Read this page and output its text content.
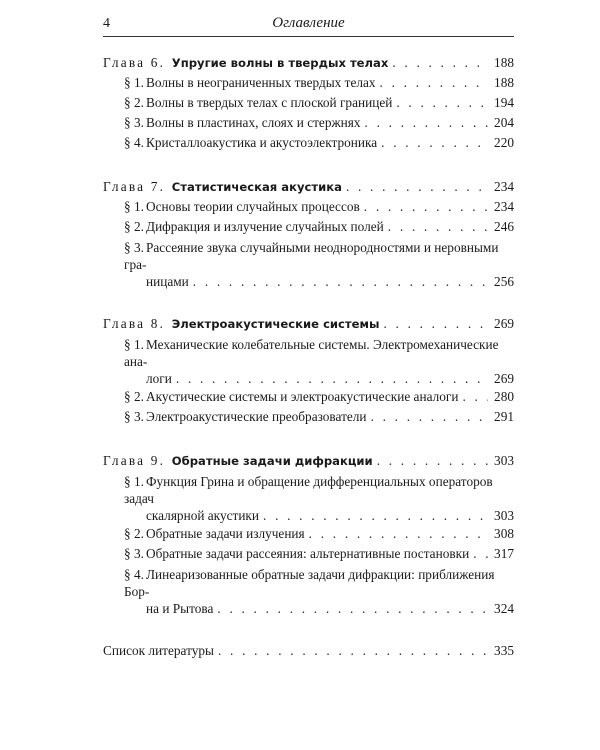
4	Оглавление
Глава 6. Упругие волны в твердых телах . . .	188
§ 1. Волны в неограниченных твердых телах . . .	188
§ 2. Волны в твердых телах с плоской границей . . .	194
§ 3. Волны в пластинах, слоях и стержнях . . .	204
§ 4. Кристаллоакустика и акустоэлектроника . . .	220
Глава 7. Статистическая акустика . . .	234
§ 1. Основы теории случайных процессов . . .	234
§ 2. Дифракция и излучение случайных полей . . .	246
§ 3. Рассеяние звука случайными неоднородностями и неровными гра-
ницами . . .	256
Глава 8. Электроакустические системы . . .	269
§ 1. Механические колебательные системы. Электромеханические ана-
логи . . .	269
§ 2. Акустические системы и электроакустические аналоги . . .	280
§ 3. Электроакустические преобразователи . . .	291
Глава 9. Обратные задачи дифракции . . .	303
§ 1. Функция Грина и обращение дифференциальных операторов задач
скалярной акустики . . .	303
§ 2. Обратные задачи излучения . . .	308
§ 3. Обратные задачи рассеяния: альтернативные постановки . . . 317
§ 4. Линеаризованные обратные задачи дифракции: приближения Бор-
на и Рытова . . .	324
Список литературы . . .	335
